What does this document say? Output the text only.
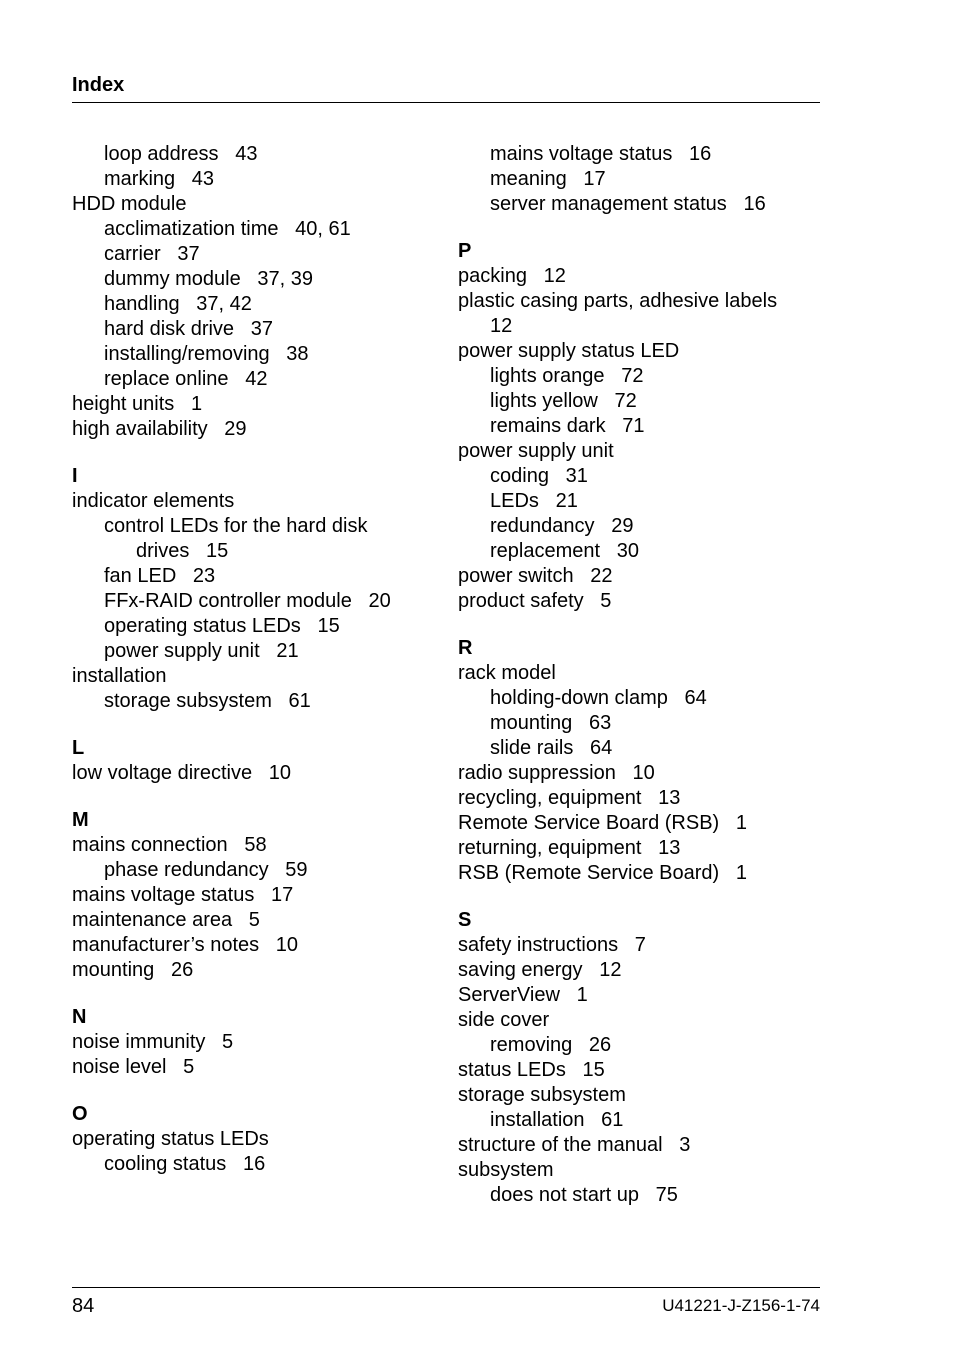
Index
loop address   43
marking   43
HDD module
acclimatization time   40, 61
carrier   37
dummy module   37, 39
handling   37, 42
hard disk drive   37
installing/removing   38
replace online   42
height units   1
high availability   29
I
indicator elements
control LEDs for the hard disk
drives   15
fan LED   23
FFx-RAID controller module   20
operating status LEDs   15
power supply unit   21
installation
storage subsystem   61
L
low voltage directive   10
M
mains connection   58
phase redundancy   59
mains voltage status   17
maintenance area   5
manufacturer’s notes   10
mounting   26
N
noise immunity   5
noise level   5
O
operating status LEDs
cooling status   16
mains voltage status   16
meaning   17
server management status   16
P
packing   12
plastic casing parts, adhesive labels
12
power supply status LED
lights orange   72
lights yellow   72
remains dark   71
power supply unit
coding   31
LEDs   21
redundancy   29
replacement   30
power switch   22
product safety   5
R
rack model
holding-down clamp   64
mounting   63
slide rails   64
radio suppression   10
recycling, equipment   13
Remote Service Board (RSB)   1
returning, equipment   13
RSB (Remote Service Board)   1
S
safety instructions   7
saving energy   12
ServerView   1
side cover
removing   26
status LEDs   15
storage subsystem
installation   61
structure of the manual   3
subsystem
does not start up   75
84	U41221-J-Z156-1-74
